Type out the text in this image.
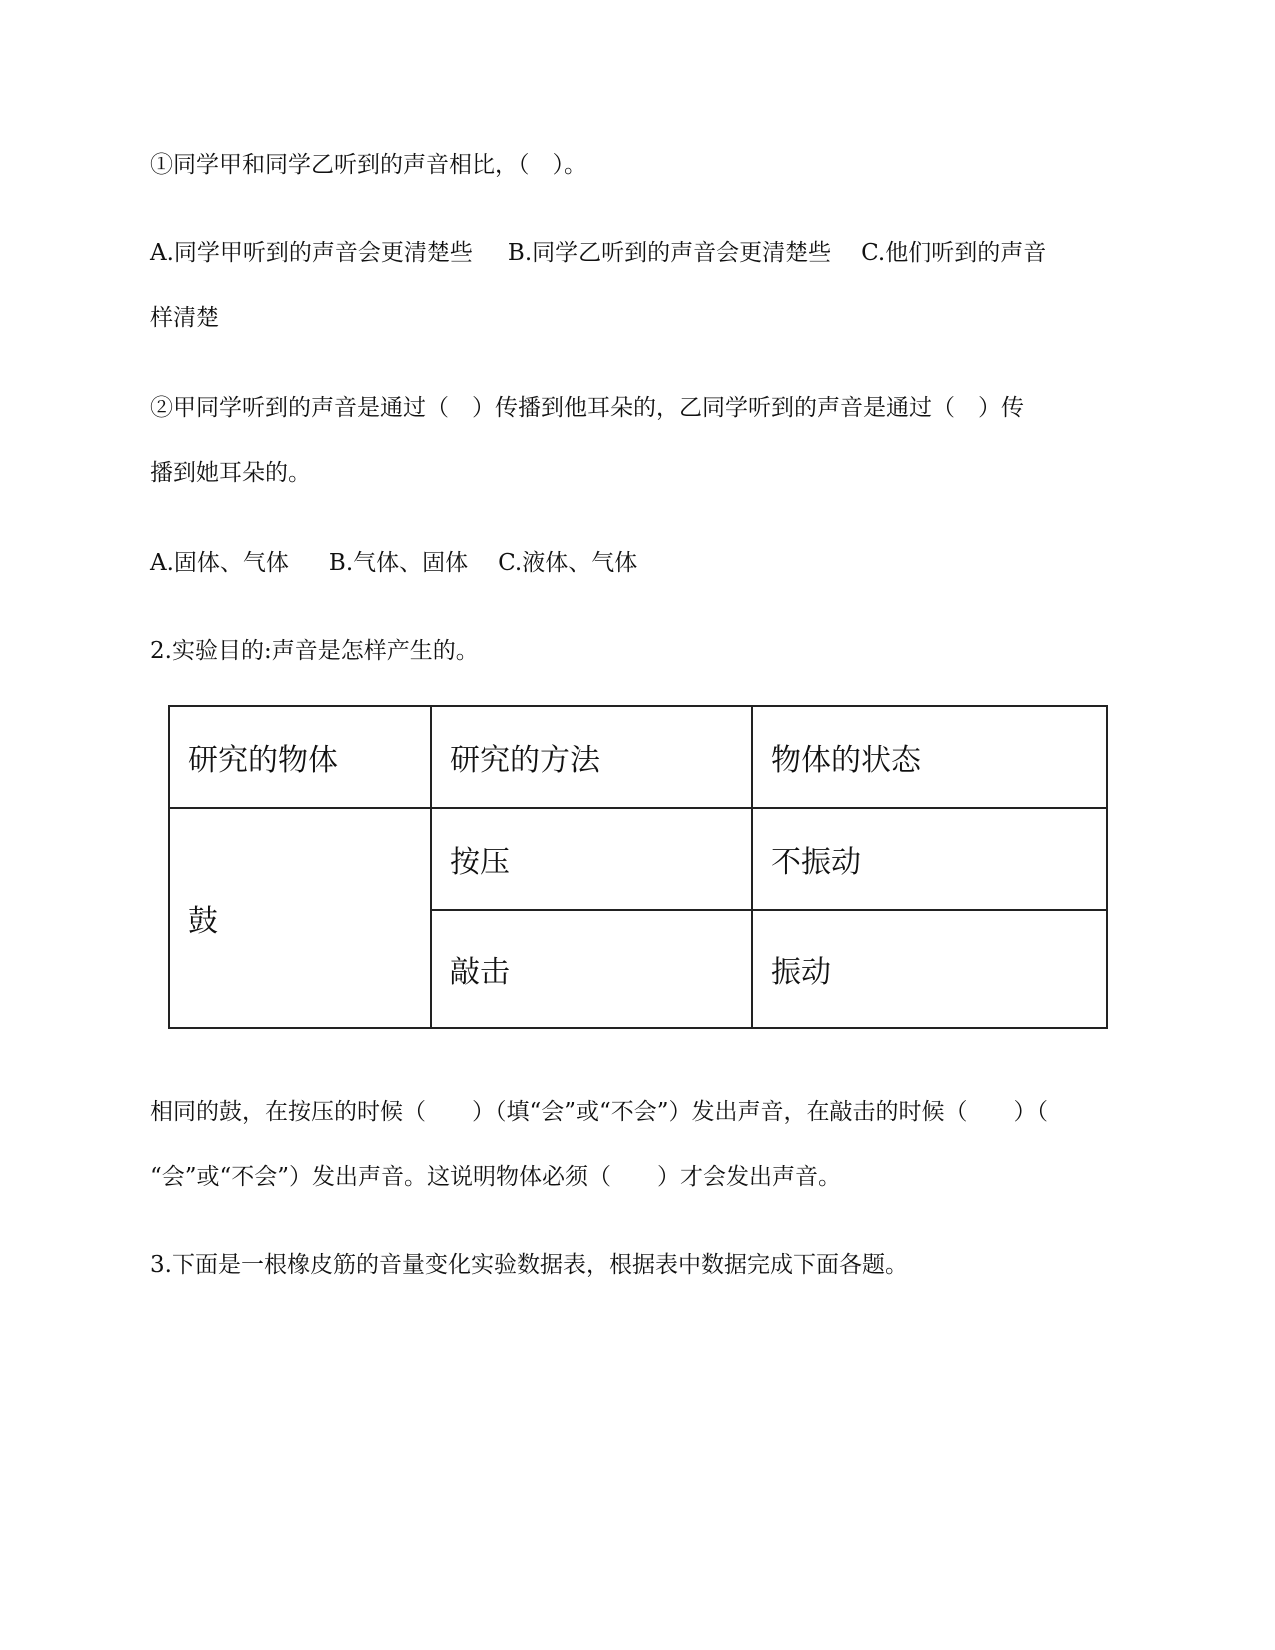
①同学甲和同学乙听到的声音相比，（　）。
A.同学甲听到的声音会更清楚些 B.同学乙听到的声音会更清楚些 C.他们听到的声音
样清楚
②甲同学听到的声音是通过（　）传播到他耳朵的，乙同学听到的声音是通过（　）传
播到她耳朵的。
A.固体、气体 B.气体、固体 C.液体、气体
2.实验目的:声音是怎样产生的。
研究的物体	研究的方法	物体的状态
鼓	按压	不振动
	敲击	振动
相同的鼓，在按压的时候（　　）（填“会”或“不会”）发出声音，在敲击的时候（　　）（
“会”或“不会”）发出声音。这说明物体必须（　　）才会发出声音。
3.下面是一根橡皮筋的音量变化实验数据表，根据表中数据完成下面各题。
